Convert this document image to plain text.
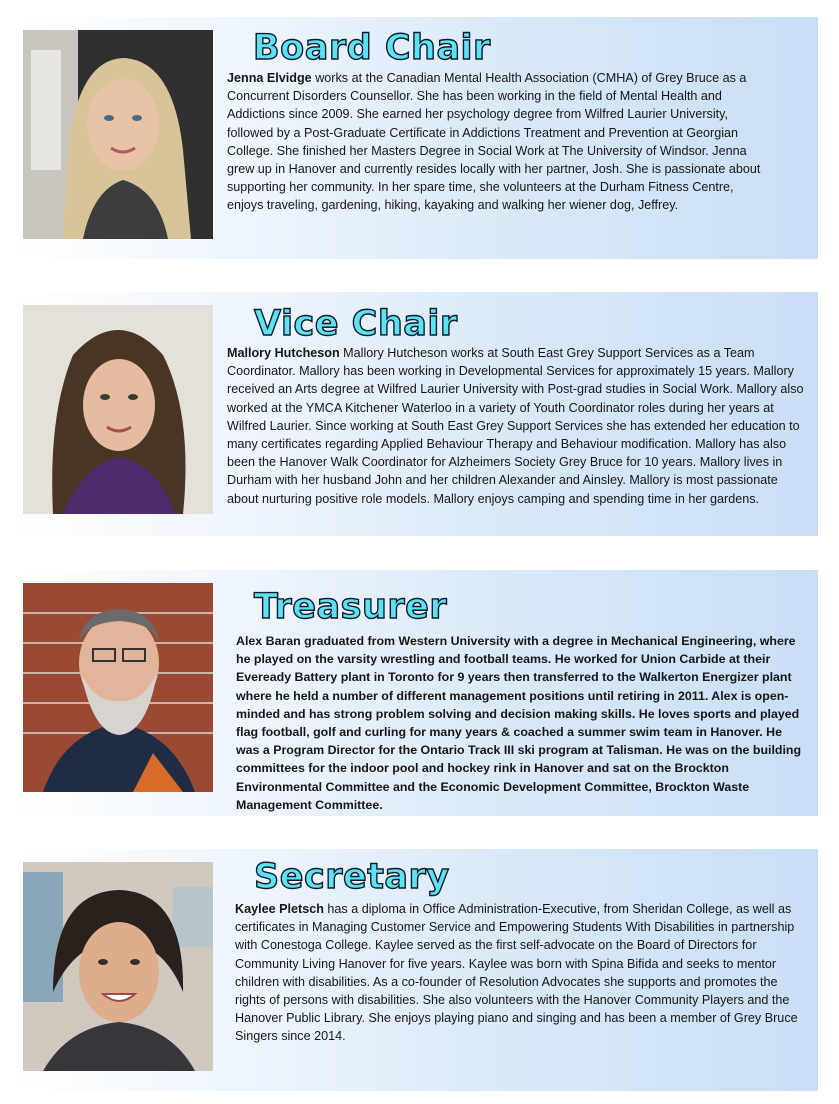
Board Chair

Jenna Elvidge works at the Canadian Mental Health Association (CMHA) of Grey Bruce as a Concurrent Disorders Counsellor. She has been working in the field of Mental Health and Addictions since 2009. She earned her psychology degree from Wilfred Laurier University, followed by a Post-Graduate Certificate in Addictions Treatment and Prevention at Georgian College. She finished her Masters Degree in Social Work at The University of Windsor. Jenna grew up in Hanover and currently resides locally with her partner, Josh. She is passionate about supporting her community. In her spare time, she volunteers at the Durham Fitness Centre, enjoys traveling, gardening, hiking, kayaking and walking her wiener dog, Jeffrey.

Vice Chair

Mallory Hutcheson Mallory Hutcheson works at South East Grey Support Services as a Team Coordinator. Mallory has been working in Developmental Services for approximately 15 years. Mallory received an Arts degree at Wilfred Laurier University with Post-grad studies in Social Work. Mallory also worked at the YMCA Kitchener Waterloo in a variety of Youth Coordinator roles during her years at Wilfred Laurier. Since working at South East Grey Support Services she has extended her education to many certificates regarding Applied Behaviour Therapy and Behaviour modification. Mallory has also been the Hanover Walk Coordinator for Alzheimers Society Grey Bruce for 10 years. Mallory lives in Durham with her husband John and her children Alexander and Ainsley. Mallory is most passionate about nurturing positive role models. Mallory enjoys camping and spending time in her gardens.

Treasurer

Alex Baran graduated from Western University with a degree in Mechanical Engineering, where he played on the varsity wrestling and football teams. He worked for Union Carbide at their Eveready Battery plant in Toronto for 9 years then transferred to the Walkerton Energizer plant where he held a number of different management positions until retiring in 2011. Alex is open- minded and has strong problem solving and decision making skills. He loves sports and played flag football, golf and curling for many years & coached a summer swim team in Hanover. He was a Program Director for the Ontario Track III ski program at Talisman. He was on the building committees for the indoor pool and hockey rink in Hanover and sat on the Brockton Environmental Committee and the Economic Development Committee, Brockton Waste Management Committee.

Secretary

Kaylee Pletsch has a diploma in Office Administration-Executive, from Sheridan College, as well as certificates in Managing Customer Service and Empowering Students With Disabilities in partnership with Conestoga College. Kaylee served as the first self-advocate on the Board of Directors for Community Living Hanover for five years. Kaylee was born with Spina Bifida and seeks to mentor children with disabilities. As a co-founder of Resolution Advocates she supports and promotes the rights of persons with disabilities. She also volunteers with the Hanover Community Players and the Hanover Public Library. She enjoys playing piano and singing and has been a member of Grey Bruce Singers since 2014.
